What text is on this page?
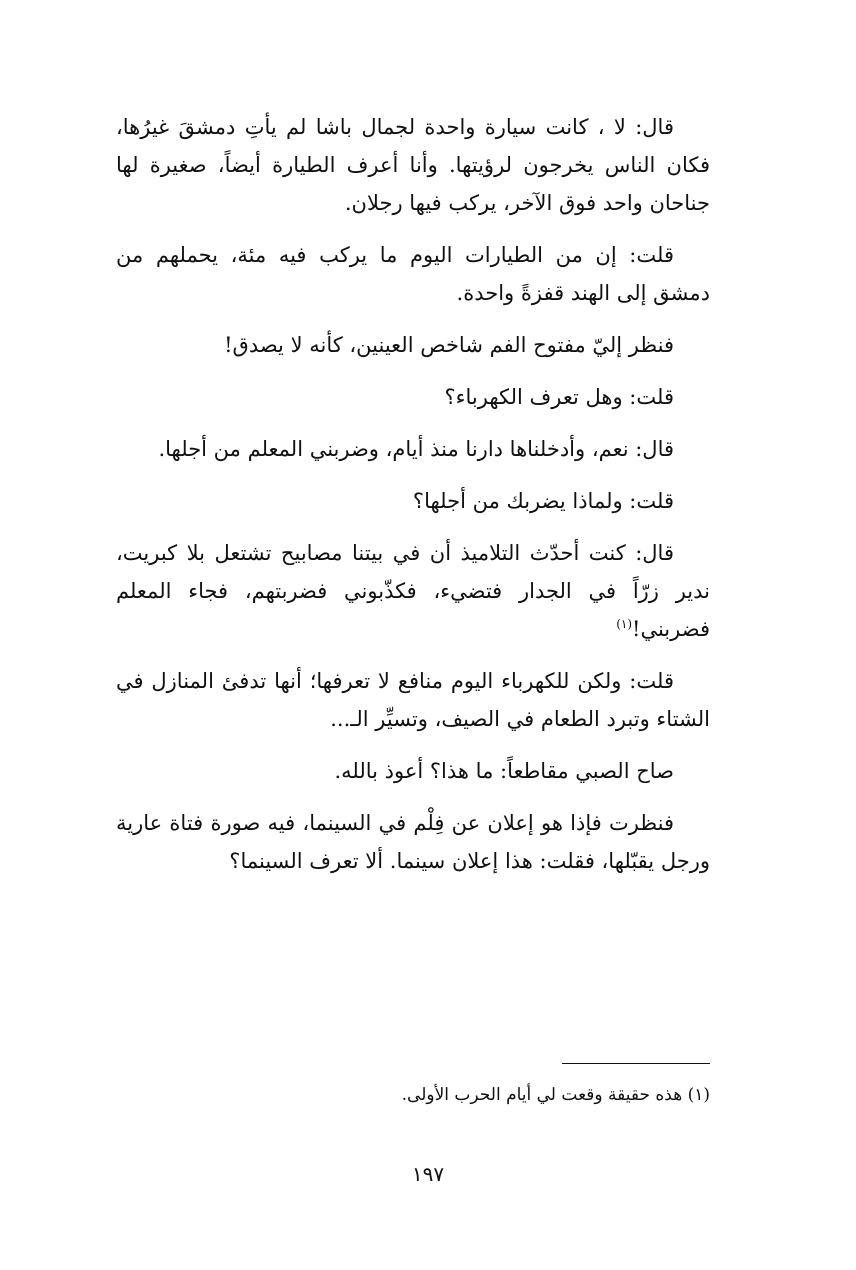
قال: لا ، كانت سيارة واحدة لجمال باشا لم يأتِ دمشقَ غيرُها، فكان الناس يخرجون لرؤيتها. وأنا أعرف الطيارة أيضاً، صغيرة لها جناحان واحد فوق الآخر، يركب فيها رجلان.

قلت: إن من الطيارات اليوم ما يركب فيه مئة، يحملهم من دمشق إلى الهند قفزةً واحدة.

فنظر إليّ مفتوح الفم شاخص العينين، كأنه لا يصدق!

قلت: وهل تعرف الكهرباء؟

قال: نعم، وأدخلناها دارنا منذ أيام، وضربني المعلم من أجلها.

قلت: ولماذا يضربك من أجلها؟

قال: كنت أحدّث التلاميذ أن في بيتنا مصابيح تشتعل بلا كبريت، ندير زرّاً في الجدار فتضيء، فكذّبوني فضربتهم، فجاء المعلم فضربني!$^{(١)}$

قلت: ولكن للكهرباء اليوم منافع لا تعرفها؛ أنها تدفئ المنازل في الشتاء وتبرد الطعام في الصيف، وتسيِّر الـ...

صاح الصبي مقاطعاً: ما هذا؟ أعوذ بالله.

فنظرت فإذا هو إعلان عن فِلْم في السينما، فيه صورة فتاة عارية ورجل يقبّلها، فقلت: هذا إعلان سينما. ألا تعرف السينما؟

(١) هذه حقيقة وقعت لي أيام الحرب الأولى.
١٩٧
